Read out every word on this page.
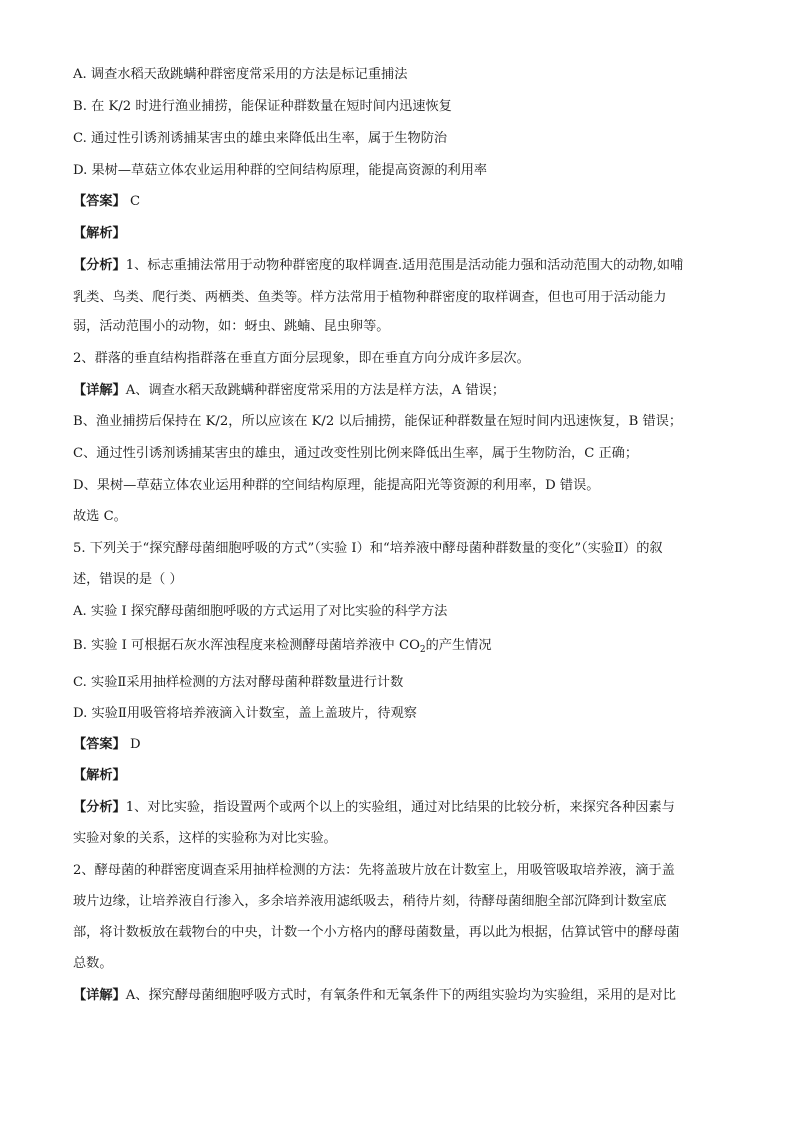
A. 调查水稻天敌跳螨种群密度常采用的方法是标记重捕法
B. 在 K/2 时进行渔业捕捞，能保证种群数量在短时间内迅速恢复
C. 通过性引诱剂诱捕某害虫的雄虫来降低出生率，属于生物防治
D. 果树—草菇立体农业运用种群的空间结构原理，能提高资源的利用率
【答案】 C
【解析】
【分析】1、标志重捕法常用于动物种群密度的取样调查.适用范围是活动能力强和活动范围大的动物,如哺
乳类、鸟类、爬行类、两栖类、鱼类等。样方法常用于植物种群密度的取样调查，但也可用于活动能力
弱，活动范围小的动物，如：蚜虫、跳蝻、昆虫卵等。
2、群落的垂直结构指群落在垂直方面分层现象，即在垂直方向分成许多层次。
【详解】A、调查水稻天敌跳螨种群密度常采用的方法是样方法，A 错误；
B、渔业捕捞后保持在 K/2，所以应该在 K/2 以后捕捞，能保证种群数量在短时间内迅速恢复，B 错误；
C、通过性引诱剂诱捕某害虫的雄虫，通过改变性别比例来降低出生率，属于生物防治，C 正确；
D、果树—草菇立体农业运用种群的空间结构原理，能提高阳光等资源的利用率，D 错误。
故选 C。
5. 下列关于“探究酵母菌细胞呼吸的方式”（实验 I）和“培养液中酵母菌种群数量的变化”（实验Ⅱ）的叙
述，错误的是（ ）
A. 实验 I 探究酵母菌细胞呼吸的方式运用了对比实验的科学方法
B. 实验 I 可根据石灰水浑浊程度来检测酵母菌培养液中 $CO_2$的产生情况
C. 实验Ⅱ采用抽样检测的方法对酵母菌种群数量进行计数
D. 实验Ⅱ用吸管将培养液滴入计数室，盖上盖玻片，待观察
【答案】 D
【解析】
【分析】1、对比实验，指设置两个或两个以上的实验组，通过对比结果的比较分析，来探究各种因素与
实验对象的关系，这样的实验称为对比实验。
2、酵母菌的种群密度调查采用抽样检测的方法：先将盖玻片放在计数室上，用吸管吸取培养液，滴于盖
玻片边缘，让培养液自行渗入，多余培养液用滤纸吸去，稍待片刻，待酵母菌细胞全部沉降到计数室底
部，将计数板放在载物台的中央，计数一个小方格内的酵母菌数量，再以此为根据，估算试管中的酵母菌
总数。
【详解】A、探究酵母菌细胞呼吸方式时，有氧条件和无氧条件下的两组实验均为实验组，采用的是对比
